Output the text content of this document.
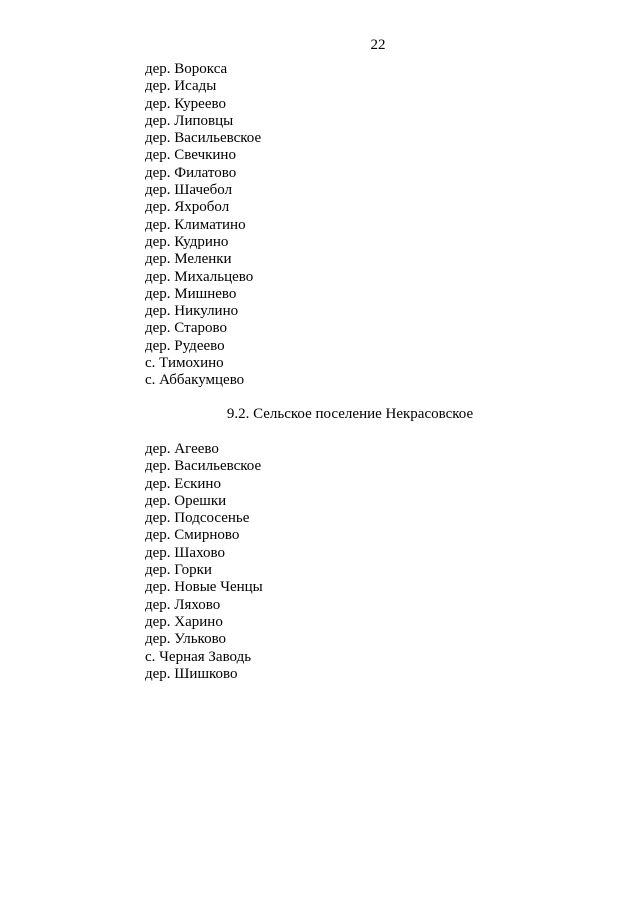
22
дер. Ворокса
дер. Исады
дер. Куреево
дер. Липовцы
дер. Васильевское
дер. Свечкино
дер. Филатово
дер. Шачебол
дер. Яхробол
дер. Климатино
дер. Кудрино
дер. Меленки
дер. Михальцево
дер. Мишнево
дер. Никулино
дер. Старово
дер. Рудеево
с. Тимохино
с. Аббакумцево
9.2. Сельское поселение Некрасовское
дер. Агеево
дер. Васильевское
дер. Ескино
дер. Орешки
дер. Подсосенье
дер. Смирново
дер. Шахово
дер. Горки
дер. Новые Ченцы
дер. Ляхово
дер. Харино
дер. Ульково
с. Черная Заводь
дер. Шишково
